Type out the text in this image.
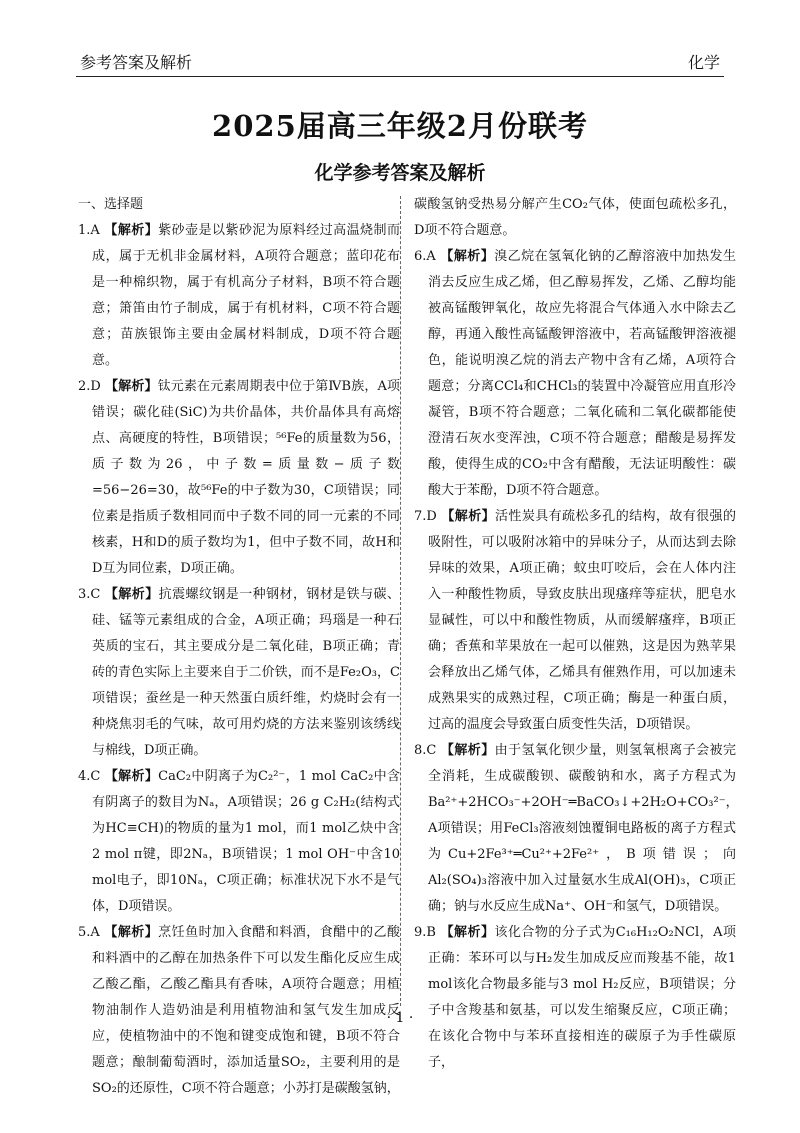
参考答案及解析	化学
2025届高三年级2月份联考
化学参考答案及解析
一、选择题

1.A 【解析】紫砂壶是以紫砂泥为原料经过高温烧制而成，属于无机非金属材料，A项符合题意；蓝印花布是一种棉织物，属于有机高分子材料，B项不符合题意；箫笛由竹子制成，属于有机材料，C项不符合题意；苗族银饰主要由金属材料制成，D项不符合题意。

2.D 【解析】钛元素在元素周期表中位于第ⅣB族，A项错误；碳化硅(SiC)为共价晶体，共价晶体具有高熔点、高硬度的特性，B项错误；⁵⁶Fe的质量数为56，质子数为26，中子数=质量数−质子数=56−26=30，故⁵⁶Fe的中子数为30，C项错误；同位素是指质子数相同而中子数不同的同一元素的不同核素，H和D的质子数均为1，但中子数不同，故H和D互为同位素，D项正确。

3.C 【解析】抗震螺纹钢是一种钢材，钢材是铁与碳、硅、锰等元素组成的合金，A项正确；玛瑙是一种石英质的宝石，其主要成分是二氧化硅，B项正确；青砖的青色实际上主要来自于二价铁，而不是Fe₂O₃，C项错误；蚕丝是一种天然蛋白质纤维，灼烧时会有一种烧焦羽毛的气味，故可用灼烧的方法来鉴别该绣线与棉线，D项正确。

4.C 【解析】CaC₂中阴离子为C₂²⁻，1 mol CaC₂中含有阴离子的数目为Nₐ，A项错误；26 g C₂H₂(结构式为HC≡CH)的物质的量为1 mol，而1 mol乙炔中含2 mol π键，即2Nₐ，B项错误；1 mol OH⁻中含10 mol电子，即10Nₐ，C项正确；标准状况下水不是气体，D项错误。

5.A 【解析】烹饪鱼时加入食醋和料酒，食醋中的乙酸和料酒中的乙醇在加热条件下可以发生酯化反应生成乙酸乙酯，乙酸乙酯具有香味，A项符合题意；用植物油制作人造奶油是利用植物油和氢气发生加成反应，使植物油中的不饱和键变成饱和键，B项不符合题意；酿制葡萄酒时，添加适量SO₂，主要利用的是SO₂的还原性，C项不符合题意；小苏打是碳酸氢钠，

碳酸氢钠受热易分解产生CO₂气体，使面包疏松多孔，D项不符合题意。

6.A 【解析】溴乙烷在氢氧化钠的乙醇溶液中加热发生消去反应生成乙烯，但乙醇易挥发，乙烯、乙醇均能被高锰酸钾氧化，故应先将混合气体通入水中除去乙醇，再通入酸性高锰酸钾溶液中，若高锰酸钾溶液褪色，能说明溴乙烷的消去产物中含有乙烯，A项符合题意；分离CCl₄和CHCl₃的装置中冷凝管应用直形冷凝管，B项不符合题意；二氧化硫和二氧化碳都能使澄清石灰水变浑浊，C项不符合题意；醋酸是易挥发酸，使得生成的CO₂中含有醋酸，无法证明酸性：碳酸大于苯酚，D项不符合题意。

7.D 【解析】活性炭具有疏松多孔的结构，故有很强的吸附性，可以吸附冰箱中的异味分子，从而达到去除异味的效果，A项正确；蚊虫叮咬后，会在人体内注入一种酸性物质，导致皮肤出现瘙痒等症状，肥皂水显碱性，可以中和酸性物质，从而缓解瘙痒，B项正确；香蕉和苹果放在一起可以催熟，这是因为熟苹果会释放出乙烯气体，乙烯具有催熟作用，可以加速未成熟果实的成熟过程，C项正确；酶是一种蛋白质，过高的温度会导致蛋白质变性失活，D项错误。

8.C 【解析】由于氢氧化钡少量，则氢氧根离子会被完全消耗，生成碳酸钡、碳酸钠和水，离子方程式为Ba²⁺+2HCO₃⁻+2OH⁻═BaCO₃↓+2H₂O+CO₃²⁻，A项错误；用FeCl₃溶液刻蚀覆铜电路板的离子方程式为Cu+2Fe³⁺═Cu²⁺+2Fe²⁺，B项错误；向Al₂(SO₄)₃溶液中加入过量氨水生成Al(OH)₃，C项正确；钠与水反应生成Na⁺、OH⁻和氢气，D项错误。

9.B 【解析】该化合物的分子式为C₁₆H₁₂O₂NCl，A项正确：苯环可以与H₂发生加成反应而羧基不能，故1 mol该化合物最多能与3 mol H₂反应，B项错误；分子中含羧基和氨基，可以发生缩聚反应，C项正确；在该化合物中与苯环直接相连的碳原子为手性碳原子，

· 1 ·
